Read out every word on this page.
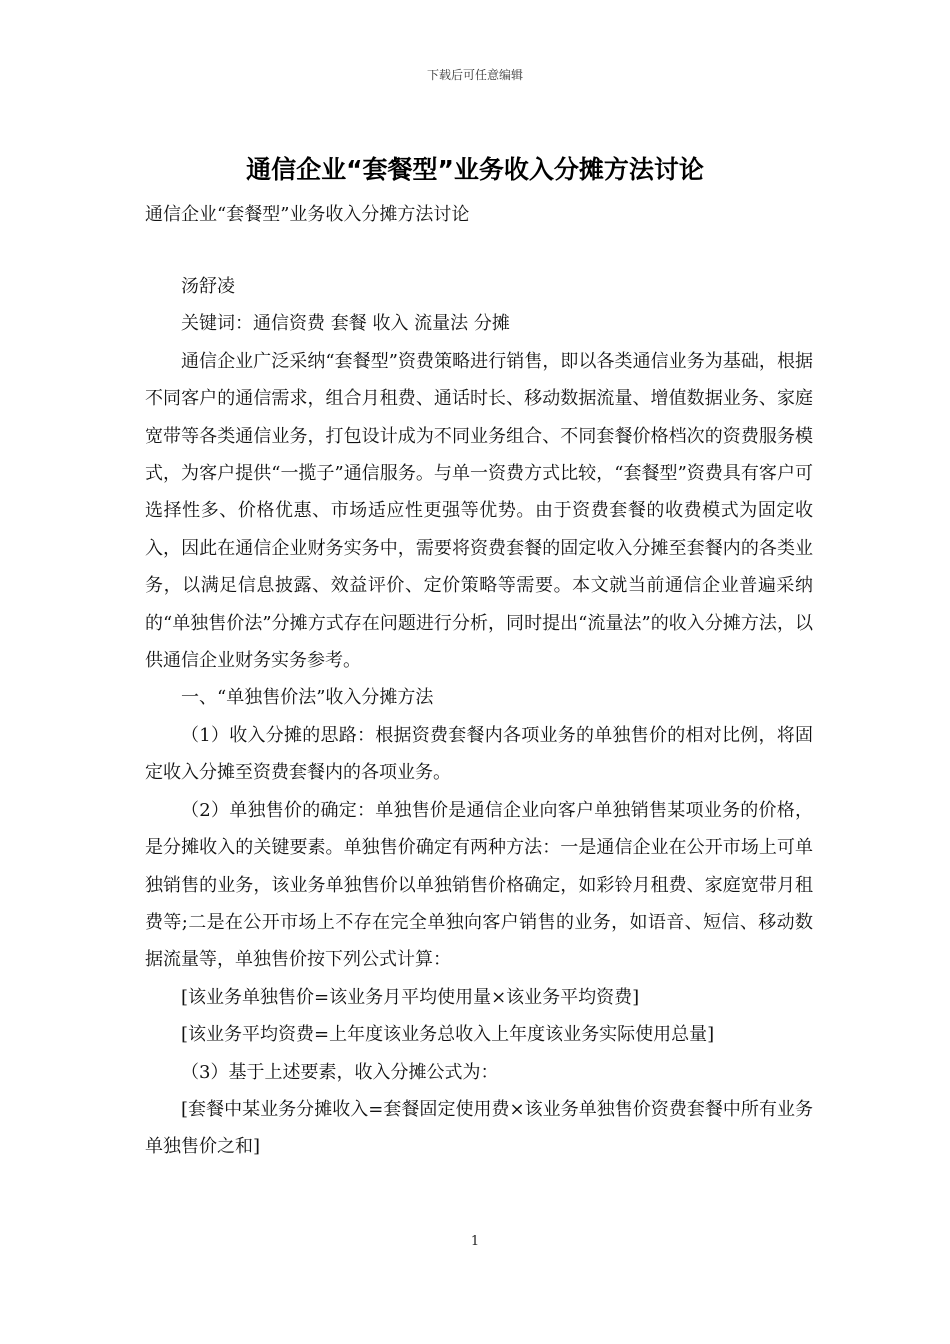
下载后可任意编辑
通信企业“套餐型”业务收入分摊方法讨论
通信企业“套餐型”业务收入分摊方法讨论

汤舒凌

关键词：通信资费 套餐 收入 流量法 分摊

通信企业广泛采纳“套餐型”资费策略进行销售，即以各类通信业务为基础，根据不同客户的通信需求，组合月租费、通话时长、移动数据流量、增值数据业务、家庭宽带等各类通信业务，打包设计成为不同业务组合、不同套餐价格档次的资费服务模式，为客户提供“一揽子”通信服务。与单一资费方式比较，“套餐型”资费具有客户可选择性多、价格优惠、市场适应性更强等优势。由于资费套餐的收费模式为固定收入，因此在通信企业财务实务中，需要将资费套餐的固定收入分摊至套餐内的各类业务，以满足信息披露、效益评价、定价策略等需要。本文就当前通信企业普遍采纳的“单独售价法”分摊方式存在问题进行分析，同时提出“流量法”的收入分摊方法，以供通信企业财务实务参考。

一、“单独售价法”收入分摊方法

（1）收入分摊的思路：根据资费套餐内各项业务的单独售价的相对比例，将固定收入分摊至资费套餐内的各项业务。

（2）单独售价的确定：单独售价是通信企业向客户单独销售某项业务的价格，是分摊收入的关键要素。单独售价确定有两种方法：一是通信企业在公开市场上可单独销售的业务，该业务单独售价以单独销售价格确定，如彩铃月租费、家庭宽带月租费等;二是在公开市场上不存在完全单独向客户销售的业务，如语音、短信、移动数据流量等，单独售价按下列公式计算：

[该业务单独售价=该业务月平均使用量×该业务平均资费]

[该业务平均资费=上年度该业务总收入上年度该业务实际使用总量]

（3）基于上述要素，收入分摊公式为：

[套餐中某业务分摊收入=套餐固定使用费×该业务单独售价资费套餐中所有业务单独售价之和]

1
